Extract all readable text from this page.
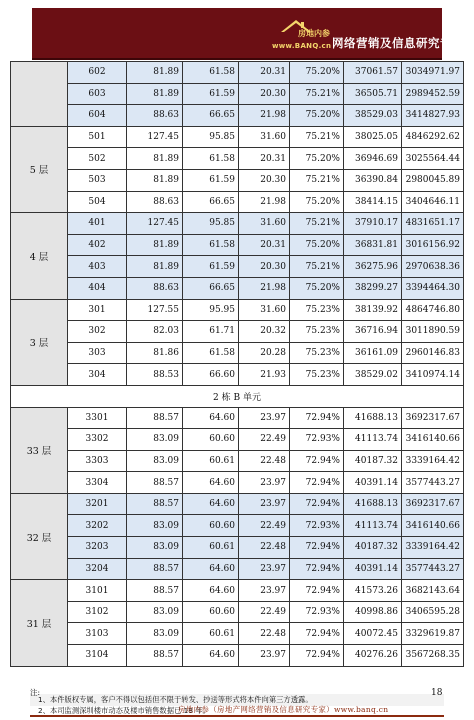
房地内参
www.BANQ.cn 网络营销及信息研究专家
	602	81.89	61.58	20.31	75.20%	37061.57	3034971.97
	603	81.89	61.59	20.30	75.21%	36505.71	2989452.59
	604	88.63	66.65	21.98	75.20%	38529.03	3414827.93
5 层	501	127.45	95.85	31.60	75.21%	38025.05	4846292.62
	502	81.89	61.58	20.31	75.20%	36946.69	3025564.44
	503	81.89	61.59	20.30	75.21%	36390.84	2980045.89
	504	88.63	66.65	21.98	75.20%	38414.15	3404646.11
4 层	401	127.45	95.85	31.60	75.21%	37910.17	4831651.17
	402	81.89	61.58	20.31	75.20%	36831.81	3016156.92
	403	81.89	61.59	20.30	75.21%	36275.96	2970638.36
	404	88.63	66.65	21.98	75.20%	38299.27	3394464.30
3 层	301	127.55	95.95	31.60	75.23%	38139.92	4864746.80
	302	82.03	61.71	20.32	75.23%	36716.94	3011890.59
	303	81.86	61.58	20.28	75.23%	36161.09	2960146.83
	304	88.53	66.60	21.93	75.23%	38529.02	3410974.14
2 栋 B 单元							
33 层	3301	88.57	64.60	23.97	72.94%	41688.13	3692317.67
	3302	83.09	60.60	22.49	72.93%	41113.74	3416140.66
	3303	83.09	60.61	22.48	72.94%	40187.32	3339164.42
	3304	88.57	64.60	23.97	72.94%	40391.14	3577443.27
32 层	3201	88.57	64.60	23.97	72.94%	41688.13	3692317.67
	3202	83.09	60.60	22.49	72.93%	41113.74	3416140.66
	3203	83.09	60.61	22.48	72.94%	40187.32	3339164.42
	3204	88.57	64.60	23.97	72.94%	40391.14	3577443.27
31 层	3101	88.57	64.60	23.97	72.94%	41573.26	3682143.64
	3102	83.09	60.60	22.49	72.93%	40998.86	3406595.28
	3103	83.09	60.61	22.48	72.94%	40072.45	3329619.87
	3104	88.57	64.60	23.97	72.94%	40276.26	3567268.35
注:
1、本件版权专属，客户不得以包括但不限于转发、抄送等形式将本件向第三方透露。
2、本司监测深圳楼市动态及楼市销售数据已 18 年。
18
房地内参（房地产网络营销及信息研究专家）www.banq.cn
